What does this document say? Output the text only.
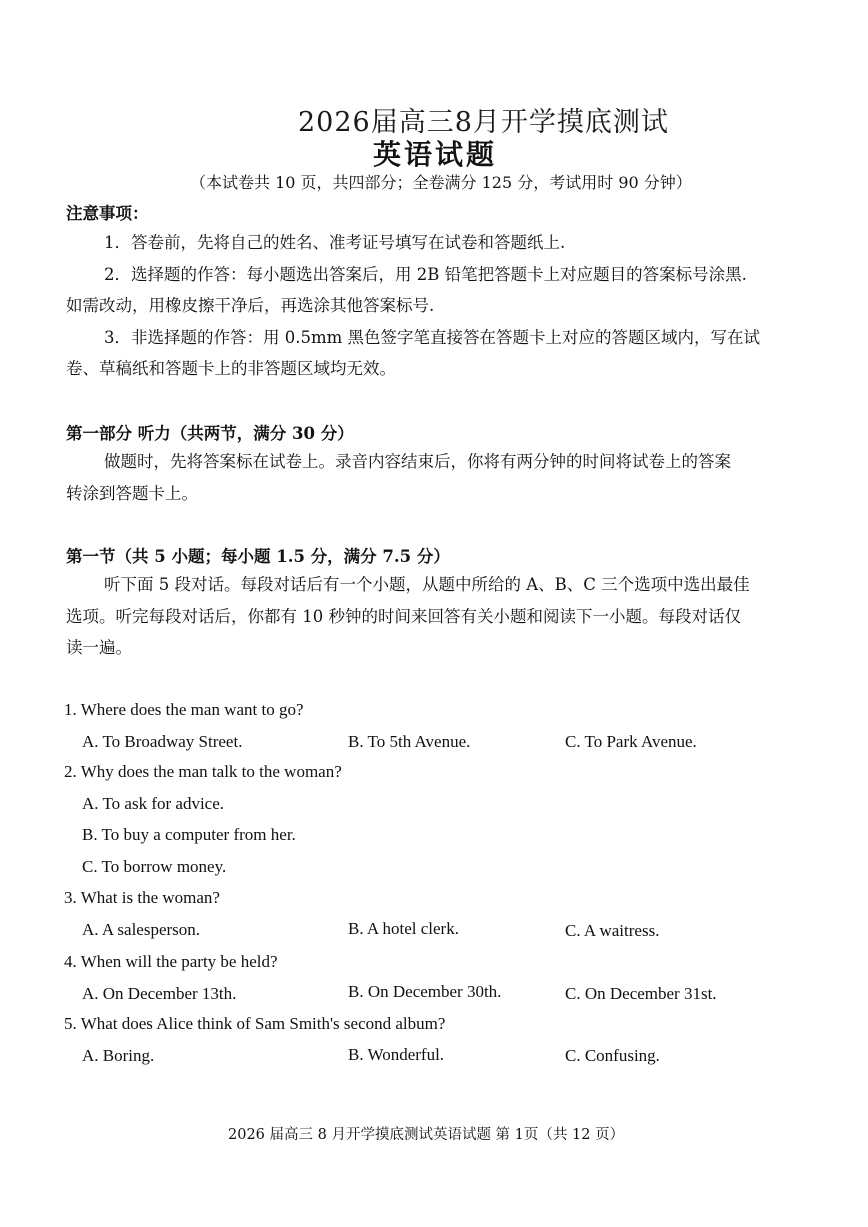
2026届高三8月开学摸底测试
英语试题
（本试卷共 10 页，共四部分；全卷满分 125 分，考试用时 90 分钟）
注意事项：
1．答卷前，先将自己的姓名、准考证号填写在试卷和答题纸上.
2．选择题的作答：每小题选出答案后，用 2B 铅笔把答题卡上对应题目的答案标号涂黑.
如需改动，用橡皮擦干净后，再选涂其他答案标号.
3．非选择题的作答：用 0.5mm 黑色签字笔直接答在答题卡上对应的答题区域内，写在试
卷、草稿纸和答题卡上的非答题区域均无效。
第一部分 听力（共两节，满分 30 分）
做题时，先将答案标在试卷上。录音内容结束后，你将有两分钟的时间将试卷上的答案
转涂到答题卡上。
第一节（共 5 小题；每小题 1.5 分，满分 7.5 分）
听下面 5 段对话。每段对话后有一个小题，从题中所给的 A、B、C 三个选项中选出最佳
选项。听完每段对话后，你都有 10 秒钟的时间来回答有关小题和阅读下一小题。每段对话仅
读一遍。
1. Where does the man want to go?
A. To Broadway Street.	B. To 5th Avenue.	C. To Park Avenue.
2. Why does the man talk to the woman?
A. To ask for advice.
B. To buy a computer from her.
C. To borrow money.
3. What is the woman?
A. A salesperson.	B. A hotel clerk.	C. A waitress.
4. When will the party be held?
A. On December 13th.	B. On December 30th.	C. On December 31st.
5. What does Alice think of Sam Smith's second album?
A. Boring.	B. Wonderful.	C. Confusing.
2026 届高三 8 月开学摸底测试英语试题 第 1页（共 12 页）
